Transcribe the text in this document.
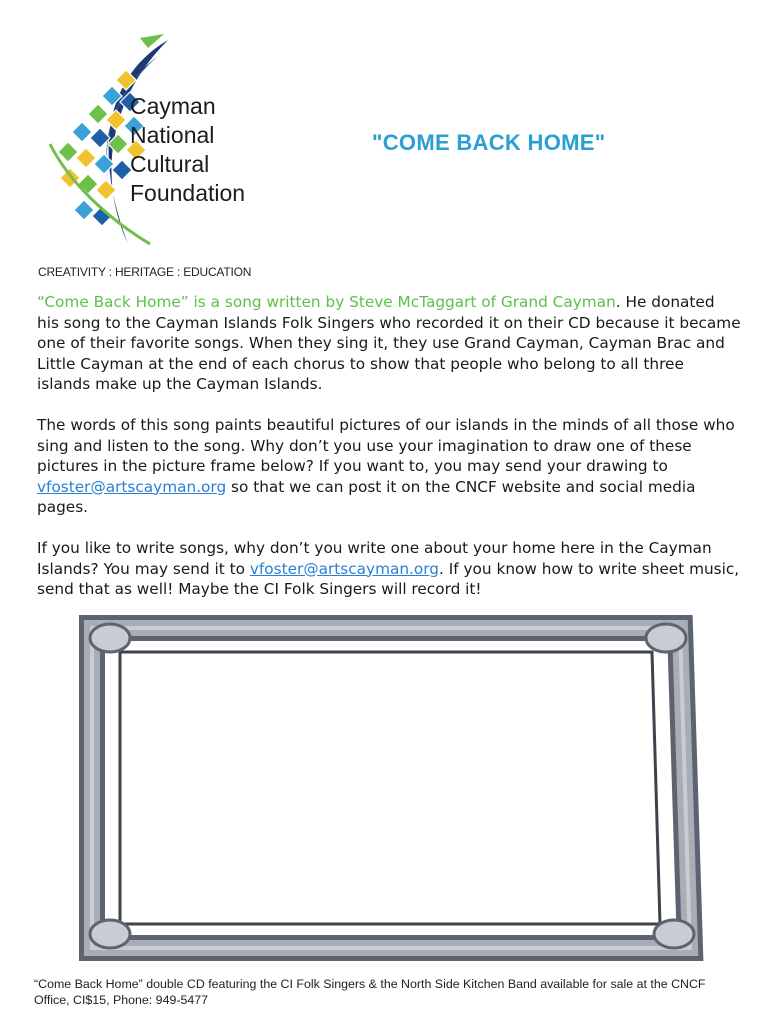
Cayman
National
Cultural
Foundation
CREATIVITY : HERITAGE : EDUCATION
"COME BACK HOME"

“Come Back Home” is a song written by Steve McTaggart of Grand Cayman. He donated his song to the Cayman Islands Folk Singers who recorded it on their CD because it became one of their favorite songs. When they sing it, they use Grand Cayman, Cayman Brac and Little Cayman at the end of each chorus to show that people who belong to all three islands make up the Cayman Islands.

The words of this song paints beautiful pictures of our islands in the minds of all those who sing and listen to the song. Why don’t you use your imagination to draw one of these pictures in the picture frame below? If you want to, you may send your drawing to vfoster@artscayman.org so that we can post it on the CNCF website and social media pages.

If you like to write songs, why don’t you write one about your home here in the Cayman Islands? You may send it to vfoster@artscayman.org. If you know how to write sheet music, send that as well! Maybe the CI Folk Singers will record it!

“Come Back Home” double CD featuring the CI Folk Singers & the North Side Kitchen Band available for sale at the CNCF Office, CI$15, Phone: 949-5477
